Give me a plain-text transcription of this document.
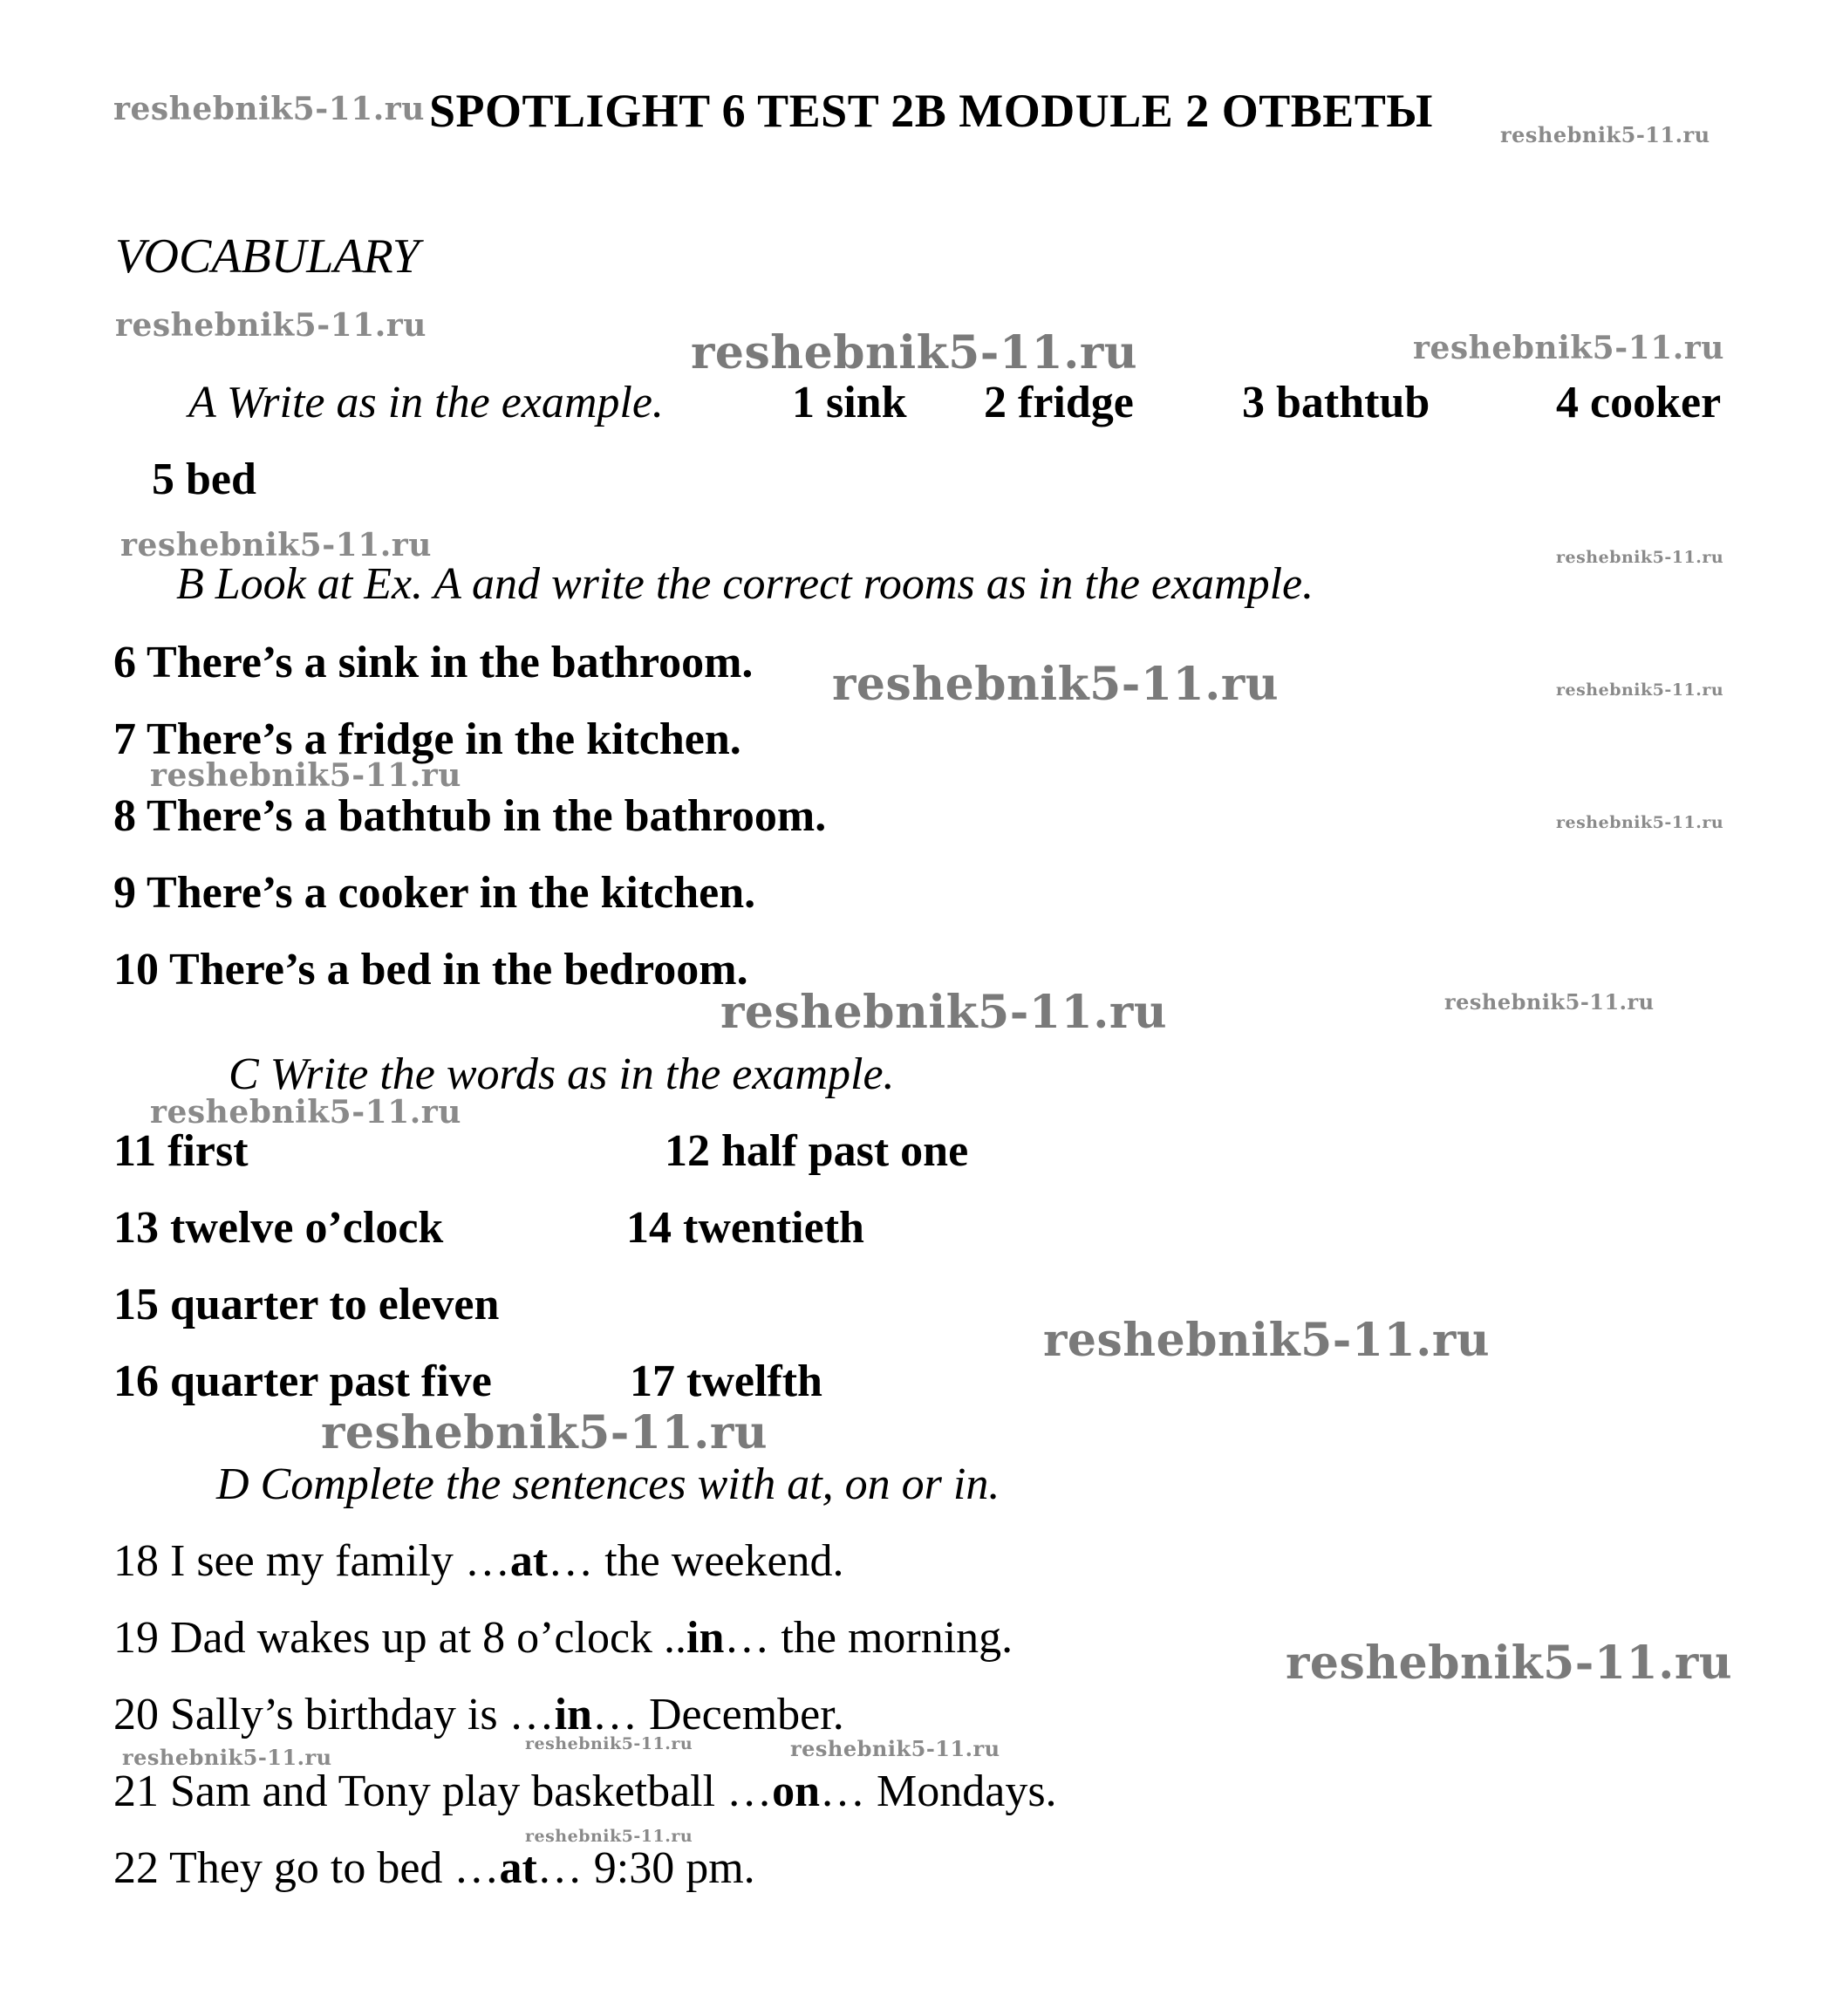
reshebnik5-11.ru SPOTLIGHT 6 TEST 2B MODULE 2 ОТВЕТЫ	reshebnik5-11.ru
VOCABULARY
reshebnik5-11.ru
reshebnik5-11.ru	reshebnik5-11.ru
A Write as in the example.	1 sink 2 fridge 3 bathtub	4 cooker
5 bed
reshebnik5-11.ru	reshebnik5-11.ru
B Look at Ex. A and write the correct rooms as in the example.
6 There’s a sink in the bathroom. reshebnik5-11.ru	reshebnik5-11.ru
7 There’s a fridge in the kitchen.
reshebnik5-11.ru
8 There’s a bathtub in the bathroom.	reshebnik5-11.ru
9 There’s a cooker in the kitchen.
10 There’s a bed in the bedroom.
reshebnik5-11.ru	reshebnik5-11.ru
C Write the words as in the example.
reshebnik5-11.ru
11 first	12 half past one
13 twelve o’clock	14 twentieth
15 quarter to eleven
reshebnik5-11.ru
16 quarter past five	17 twelfth
reshebnik5-11.ru
D Complete the sentences with at, on or in.
18 I see my family …at… the weekend.
19 Dad wakes up at 8 o’clock ..in… the morning.	reshebnik5-11.ru
20 Sally’s birthday is …in… December.
reshebnik5-11.ru
reshebnik5-11.ru	reshebnik5-11.ru
21 Sam and Tony play basketball …on… Mondays.
reshebnik5-11.ru
22 They go to bed …at… 9:30 pm.
